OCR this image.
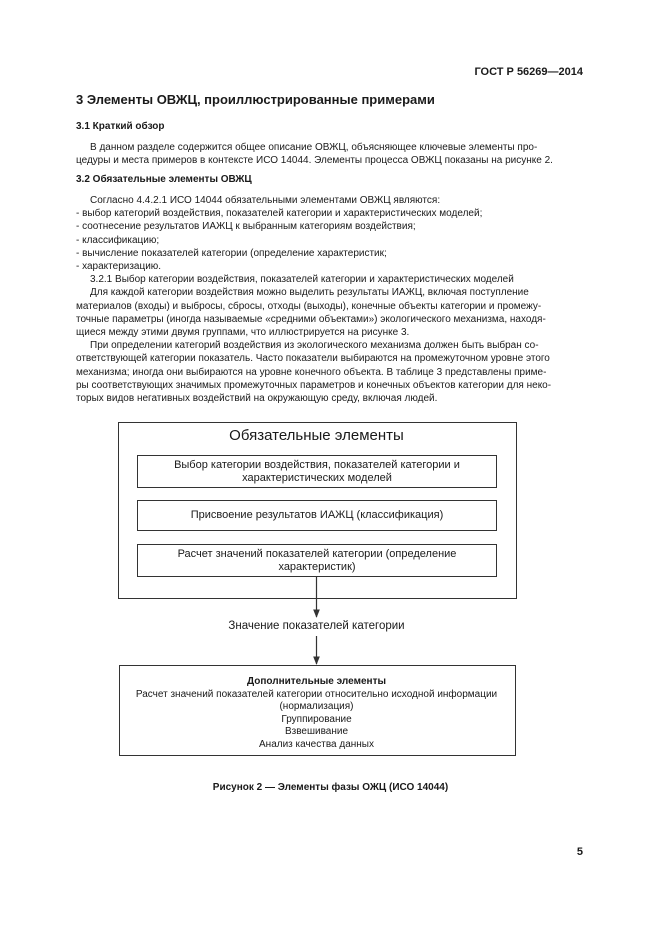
ГОСТ Р 56269—2014
3 Элементы ОВЖЦ, проиллюстрированные примерами
3.1 Краткий обзор

В данном разделе содержится общее описание ОВЖЦ, объясняющее ключевые элементы про-

цедуры и места примеров в контексте ИСО 14044. Элементы процесса ОВЖЦ показаны на рисунке 2.

3.2 Обязательные элементы ОВЖЦ

Согласно 4.4.2.1 ИСО 14044 обязательными элементами ОВЖЦ являются:

- выбор категорий воздействия, показателей категории и характеристических моделей;

- соотнесение результатов ИАЖЦ к выбранным категориям воздействия;

- классификацию;

- вычисление показателей категории (определение характеристик;

- характеризацию.

3.2.1 Выбор категории воздействия, показателей категории и характеристических моделей

Для каждой категории воздействия можно выделить результаты ИАЖЦ, включая поступление

материалов (входы) и выбросы, сбросы, отходы (выходы), конечные объекты категории и промежу-

точные параметры (иногда называемые «средними объектами») экологического механизма, находя-

щиеся между этими двумя группами, что иллюстрируется на рисунке 3.

При определении категорий воздействия из экологического механизма должен быть выбран со-

ответствующей категории показатель. Часто показатели выбираются на промежуточном уровне этого

механизма; иногда они выбираются на уровне конечного объекта. В таблице 3 представлены приме-

ры соответствующих значимых промежуточных параметров и конечных объектов категории для неко-

торых видов негативных воздействий на окружающую среду, включая людей.

Обязательные элементы
Выбор категории воздействия, показателей категории и
характеристических моделей
Присвоение результатов ИАЖЦ (классификация)
Расчет значений показателей категории (определение
характеристик)
Значение показателей категории
Дополнительные элементы
Расчет значений показателей категории относительно исходной информации
(нормализация)
Группирование
Взвешивание
Анализ качества данных
Рисунок 2 — Элементы фазы ОЖЦ (ИСО 14044)
5
